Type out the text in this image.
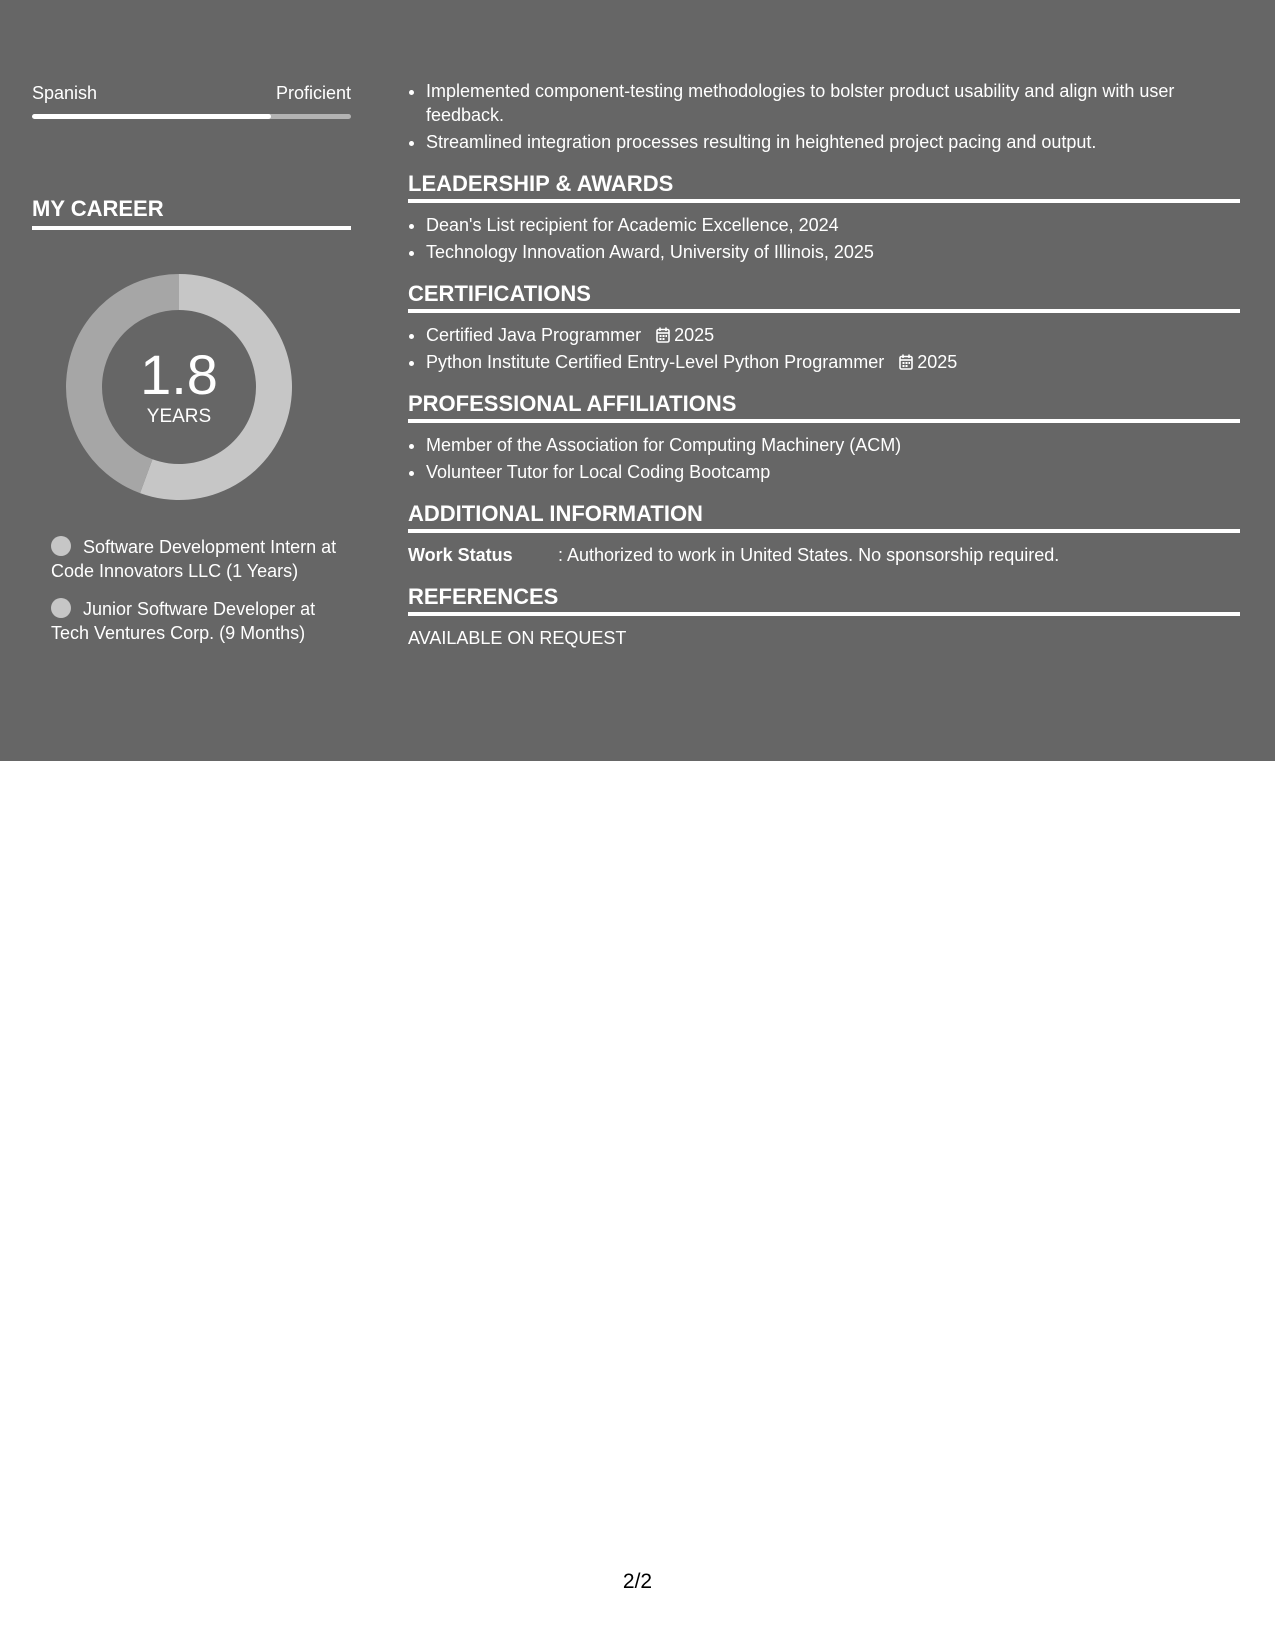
Spanish	Proficient
MY CAREER
1.8
YEARS
Software Development Intern at Code Innovators LLC (1 Years)
Junior Software Developer at Tech Ventures Corp. (9 Months)
• Implemented component-testing methodologies to bolster product usability and align with user feedback.
• Streamlined integration processes resulting in heightened project pacing and output.
LEADERSHIP & AWARDS
• Dean's List recipient for Academic Excellence, 2024
• Technology Innovation Award, University of Illinois, 2025
CERTIFICATIONS
• Certified Java Programmer 2025
• Python Institute Certified Entry-Level Python Programmer 2025
PROFESSIONAL AFFILIATIONS
• Member of the Association for Computing Machinery (ACM)
• Volunteer Tutor for Local Coding Bootcamp
ADDITIONAL INFORMATION
Work Status	: Authorized to work in United States. No sponsorship required.
REFERENCES
AVAILABLE ON REQUEST
2/2
